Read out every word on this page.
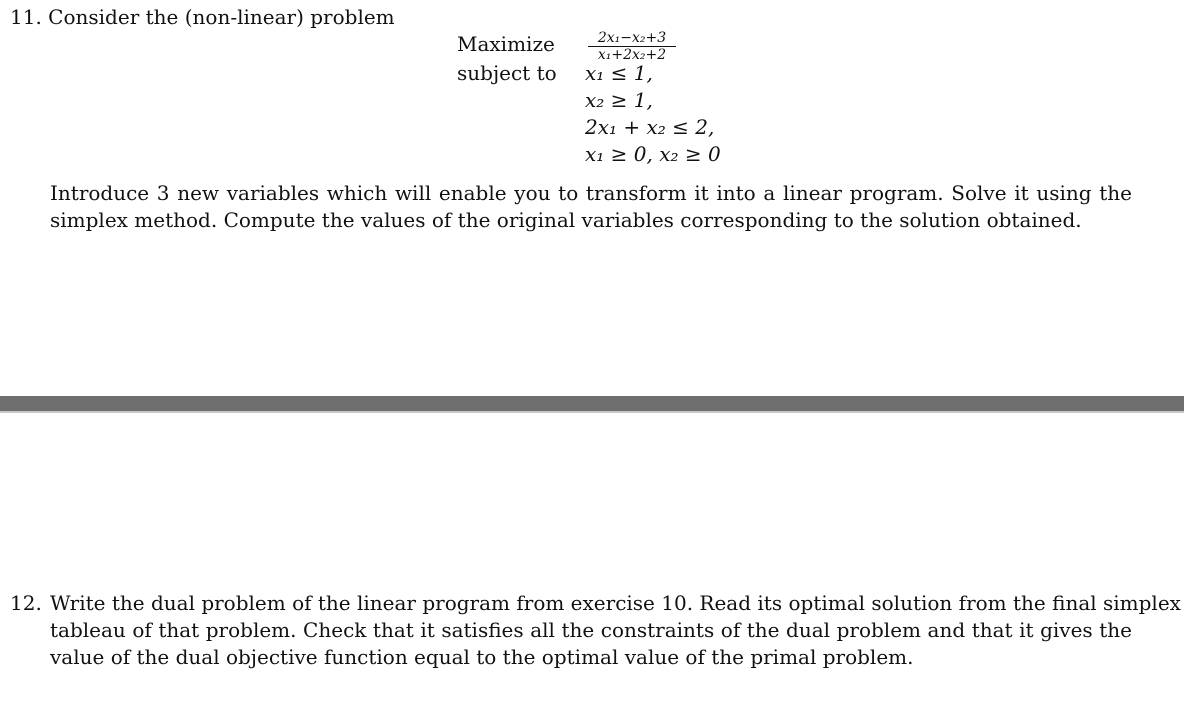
11. Consider the (non-linear) problem
Maximize	2x₁−x₂+3
x₁+2x₂+2
subject to x₁ ≤ 1,
x₂ ≥ 1,
2x₁ + x₂ ≤ 2,
x₁ ≥ 0, x₂ ≥ 0
Introduce 3 new variables which will enable you to transform it into a linear program. Solve it using the
simplex method. Compute the values of the original variables corresponding to the solution obtained.
12. Write the dual problem of the linear program from exercise 10. Read its optimal solution from the final simplex
tableau of that problem. Check that it satisfies all the constraints of the dual problem and that it gives the
value of the dual objective function equal to the optimal value of the primal problem.
